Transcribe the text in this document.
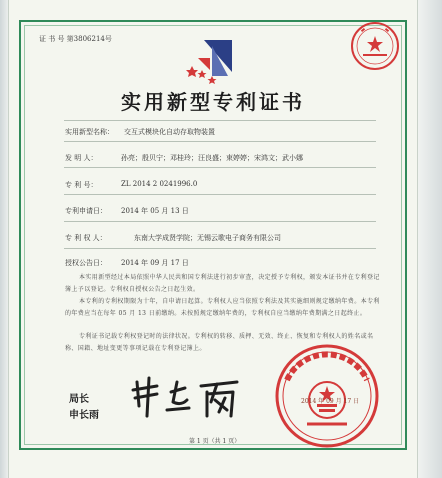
证 书 号 第3806214号
实用新型专利证书
实用新型名称： 交互式模块化自动存取物装置
发 明 人：	孙亮；殷贝宁；邓桂玲；汪良盛；束婷婷；宋鸿文；武小娜
专 利 号：	ZL 2014 2 0241996.0
专利申请日： 2014 年 05 月 13 日
专 利 权 人：	东南大学成贤学院；无锡云歌电子商务有限公司
授权公告日： 2014 年 09 月 17 日
本实用新型经过本局依照中华人民共和国专利法进行初步审查，决定授予专利权，颁发本证书并在专利登记簿上予以登记。专利权自授权公告之日起生效。
本专利的专利权期限为十年，自申请日起算。专利权人应当依照专利法及其实施细则规定缴纳年费。本专利的年费应当在每年 05 月 13 日前缴纳。未按照规定缴纳年费的，专利权自应当缴纳年费期满之日起终止。
专利证书记载专利权登记时的法律状况。专利权的转移、质押、无效、终止、恢复和专利权人的姓名或名称、国籍、地址变更等事项记载在专利登记簿上。
局长
申长雨
2014 年 09 月 17 日
第 1 页（共 1 页）
